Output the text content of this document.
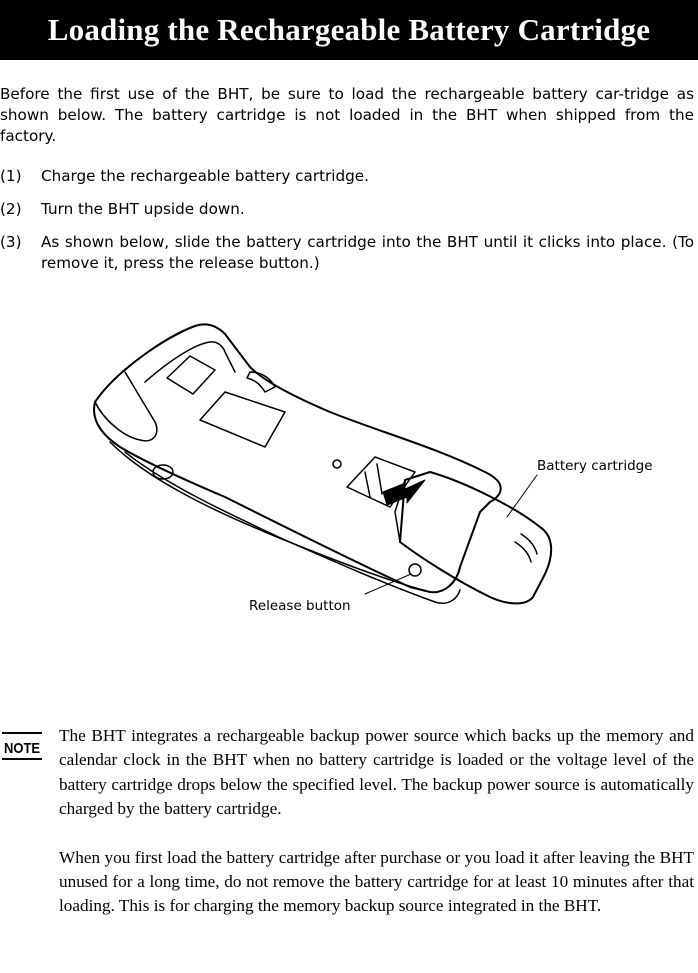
Loading the Rechargeable Battery Cartridge

Before the first use of the BHT, be sure to load the rechargeable battery car-tridge as shown below. The battery cartridge is not loaded in the BHT when shipped from the factory.

(1) Charge the rechargeable battery cartridge.
(2) Turn the BHT upside down.
(3) As shown below, slide the battery cartridge into the BHT until it clicks into place. (To remove it, press the release button.)
Battery cartridge
Release button
NOTE

The BHT integrates a rechargeable backup power source which backs up the memory and calendar clock in the BHT when no battery cartridge is loaded or the voltage level of the battery cartridge drops below the specified level. The backup power source is automatically charged by the battery cartridge.

When you first load the battery cartridge after purchase or you load it after leaving the BHT unused for a long time, do not remove the battery cartridge for at least 10 minutes after that loading. This is for charging the memory backup source integrated in the BHT.
